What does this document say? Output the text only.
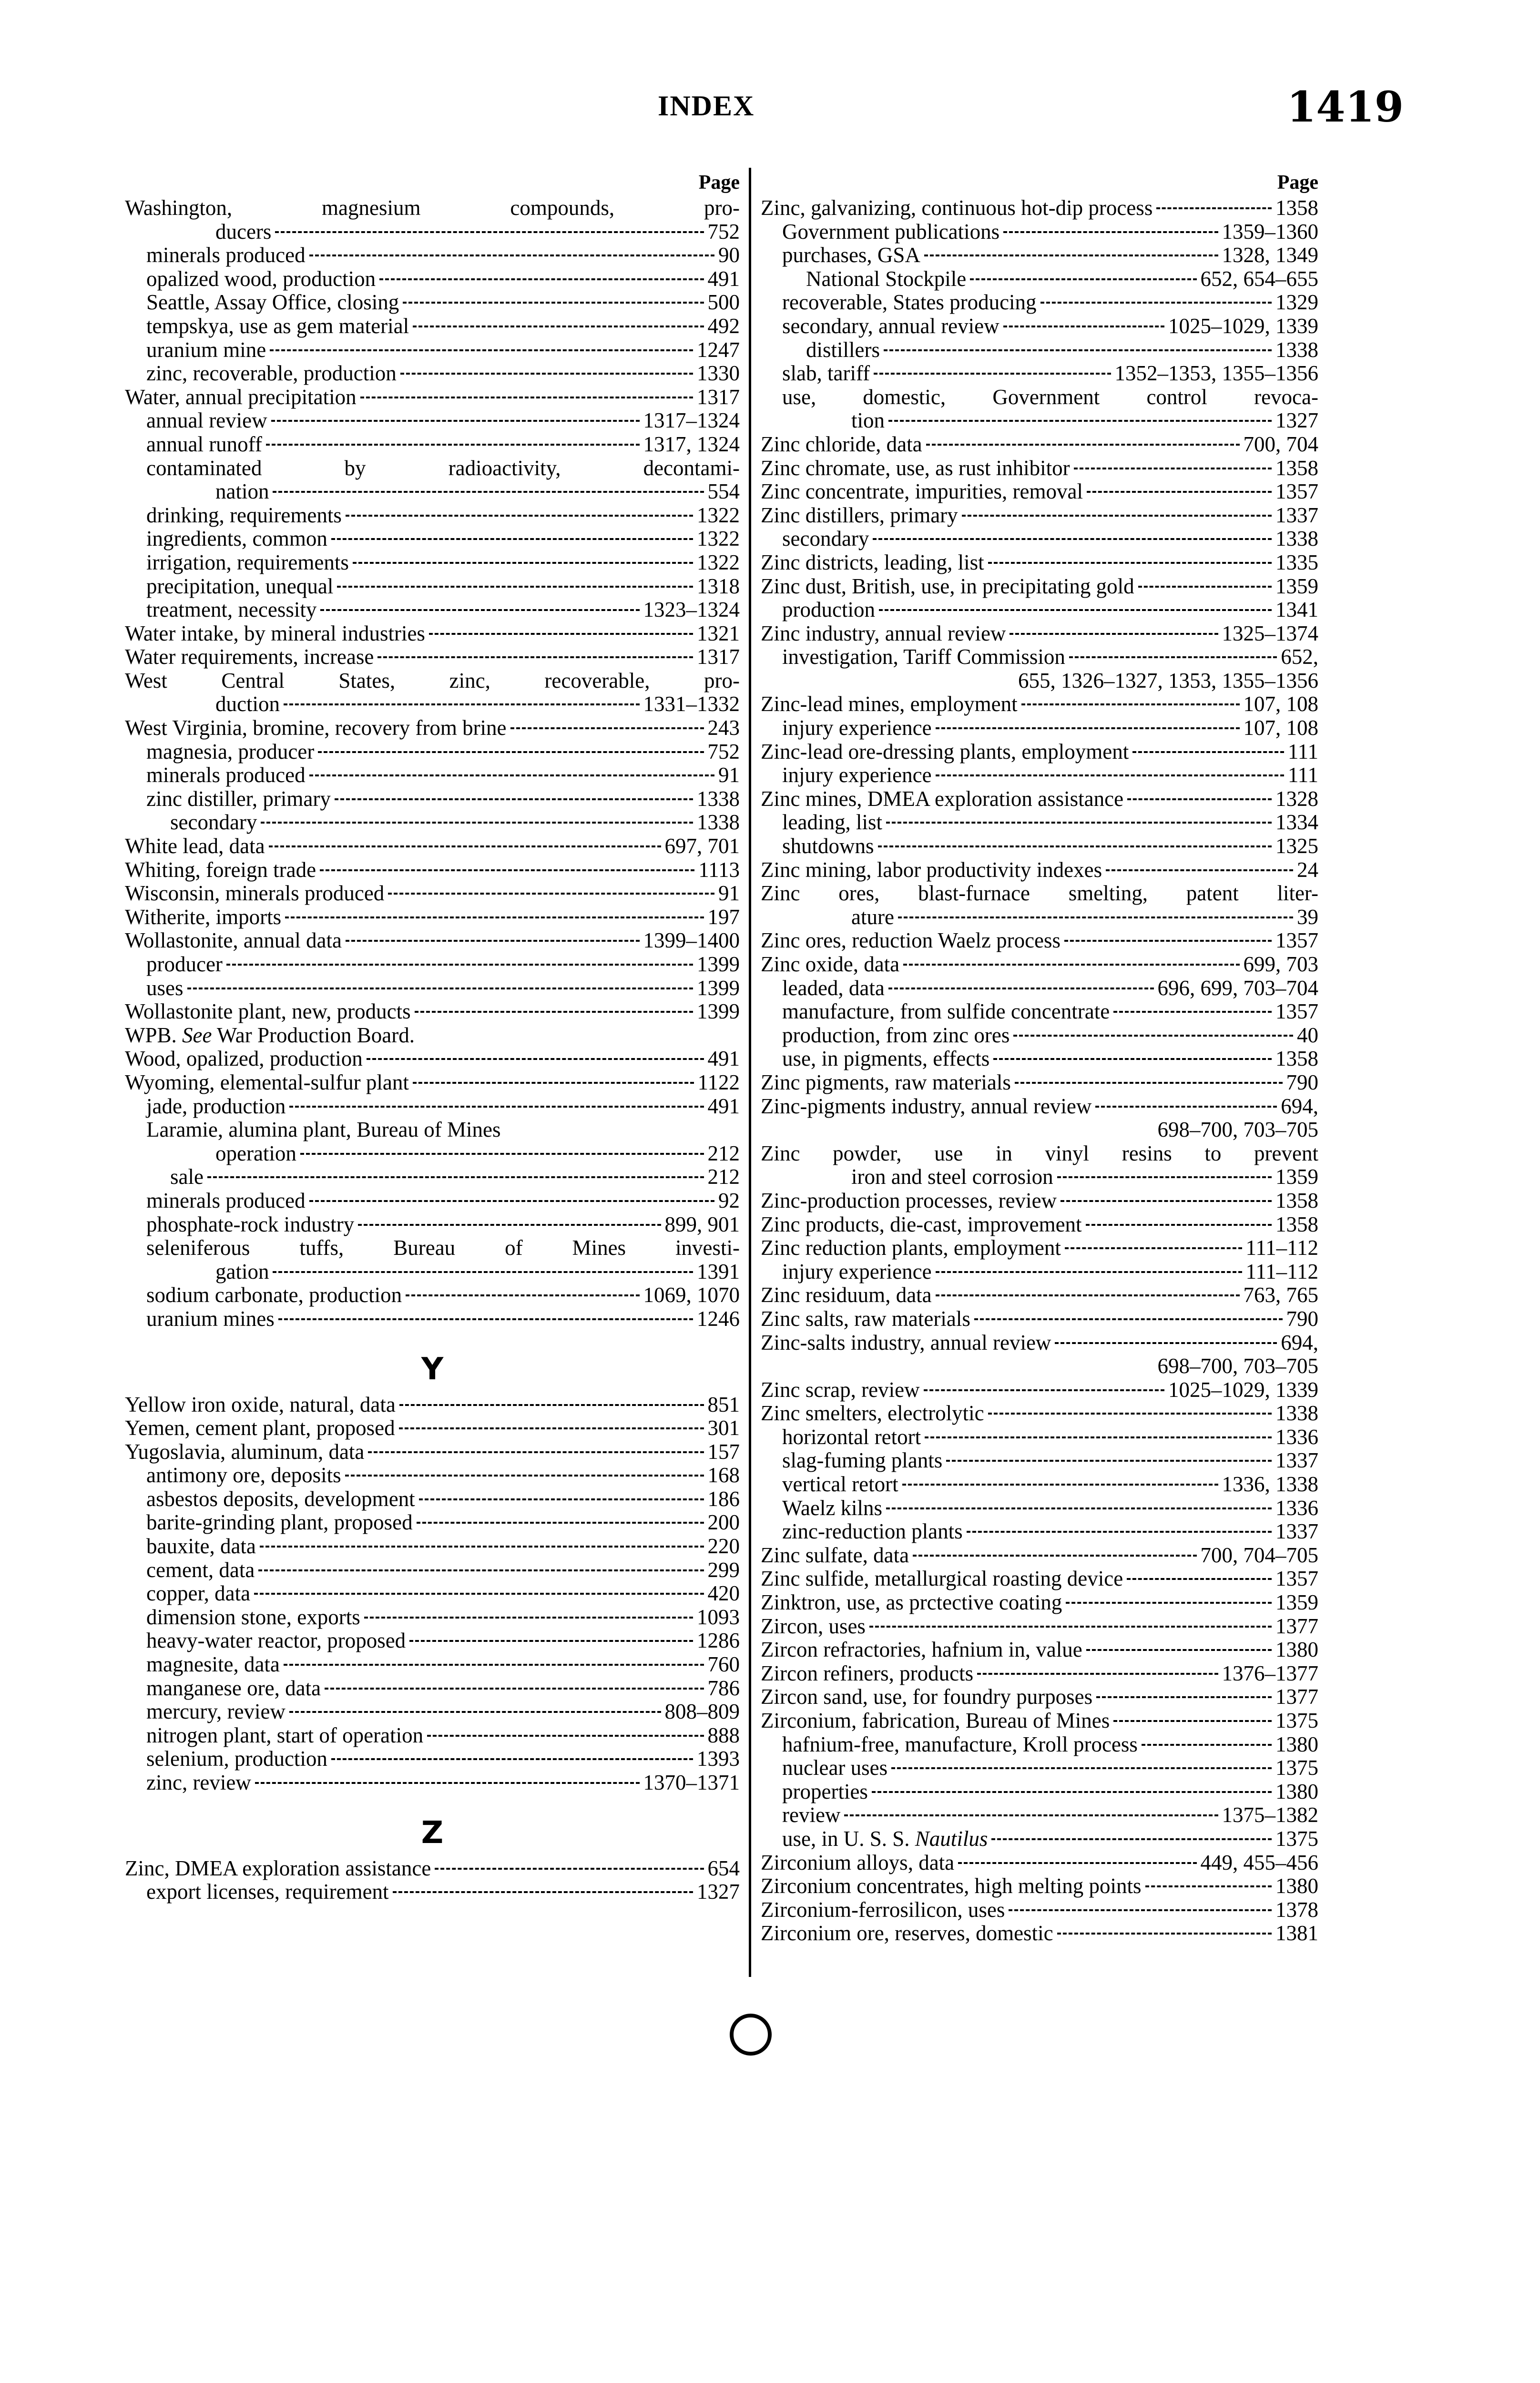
INDEX	1419
Page
Washington, magnesium compounds, pro-
ducers	752
minerals produced	90
opalized wood, production	491
Seattle, Assay Office, closing	500
tempskya, use as gem material	492
uranium mine	1247
zinc, recoverable, production	1330
Water, annual precipitation	1317
annual review	1317–1324
annual runoff	1317, 1324
contaminated by radioactivity, decontami-
nation	554
drinking, requirements	1322
ingredients, common	1322
irrigation, requirements	1322
precipitation, unequal	1318
treatment, necessity	1323–1324
Water intake, by mineral industries	1321
Water requirements, increase	1317
West Central States, zinc, recoverable, pro-
duction	1331–1332
West Virginia, bromine, recovery from brine	243
magnesia, producer	752
minerals produced	91
zinc distiller, primary	1338
secondary	1338
White lead, data	697, 701
Whiting, foreign trade	1113
Wisconsin, minerals produced	91
Witherite, imports	197
Wollastonite, annual data	1399–1400
producer	1399
uses	1399
Wollastonite plant, new, products	1399
WPB. See War Production Board.
Wood, opalized, production	491
Wyoming, elemental-sulfur plant	1122
jade, production	491
Laramie, alumina plant, Bureau of Mines
operation	212
sale	212
minerals produced	92
phosphate-rock industry	899, 901
seleniferous tuffs, Bureau of Mines investi-
gation	1391
sodium carbonate, production	1069, 1070
uranium mines	1246
Y
Yellow iron oxide, natural, data	851
Yemen, cement plant, proposed	301
Yugoslavia, aluminum, data	157
antimony ore, deposits	168
asbestos deposits, development	186
barite-grinding plant, proposed	200
bauxite, data	220
cement, data	299
copper, data	420
dimension stone, exports	1093
heavy-water reactor, proposed	1286
magnesite, data	760
manganese ore, data	786
mercury, review	808–809
nitrogen plant, start of operation	888
selenium, production	1393
zinc, review	1370–1371
Z
Zinc, DMEA exploration assistance	654
export licenses, requirement	1327
Page
Zinc, galvanizing, continuous hot-dip process	1358
Government publications	1359–1360
purchases, GSA	1328, 1349
National Stockpile	652, 654–655
recoverable, States producing	1329
secondary, annual review	1025–1029, 1339
distillers	1338
slab, tariff	1352–1353, 1355–1356
use, domestic, Government control revoca-
tion	1327
Zinc chloride, data	700, 704
Zinc chromate, use, as rust inhibitor	1358
Zinc concentrate, impurities, removal	1357
Zinc distillers, primary	1337
secondary	1338
Zinc districts, leading, list	1335
Zinc dust, British, use, in precipitating gold	1359
production	1341
Zinc industry, annual review	1325–1374
investigation, Tariff Commission	652,
655, 1326–1327, 1353, 1355–1356
Zinc-lead mines, employment	107, 108
injury experience	107, 108
Zinc-lead ore-dressing plants, employment	111
injury experience	111
Zinc mines, DMEA exploration assistance	1328
leading, list	1334
shutdowns	1325
Zinc mining, labor productivity indexes	24
Zinc ores, blast-furnace smelting, patent liter-
ature	39
Zinc ores, reduction Waelz process	1357
Zinc oxide, data	699, 703
leaded, data	696, 699, 703–704
manufacture, from sulfide concentrate	1357
production, from zinc ores	40
use, in pigments, effects	1358
Zinc pigments, raw materials	790
Zinc-pigments industry, annual review	694,
698–700, 703–705
Zinc powder, use in vinyl resins to prevent
iron and steel corrosion	1359
Zinc-production processes, review	1358
Zinc products, die-cast, improvement	1358
Zinc reduction plants, employment	111–112
injury experience	111–112
Zinc residuum, data	763, 765
Zinc salts, raw materials	790
Zinc-salts industry, annual review	694,
698–700, 703–705
Zinc scrap, review	1025–1029, 1339
Zinc smelters, electrolytic	1338
horizontal retort	1336
slag-fuming plants	1337
vertical retort	1336, 1338
Waelz kilns	1336
zinc-reduction plants	1337
Zinc sulfate, data	700, 704–705
Zinc sulfide, metallurgical roasting device	1357
Zinktron, use, as prctective coating	1359
Zircon, uses	1377
Zircon refractories, hafnium in, value	1380
Zircon refiners, products	1376–1377
Zircon sand, use, for foundry purposes	1377
Zirconium, fabrication, Bureau of Mines	1375
hafnium-free, manufacture, Kroll process	1380
nuclear uses	1375
properties	1380
review	1375–1382
use, in U. S. S. Nautilus	1375
Zirconium alloys, data	449, 455–456
Zirconium concentrates, high melting points	1380
Zirconium-ferrosilicon, uses	1378
Zirconium ore, reserves, domestic	1381
